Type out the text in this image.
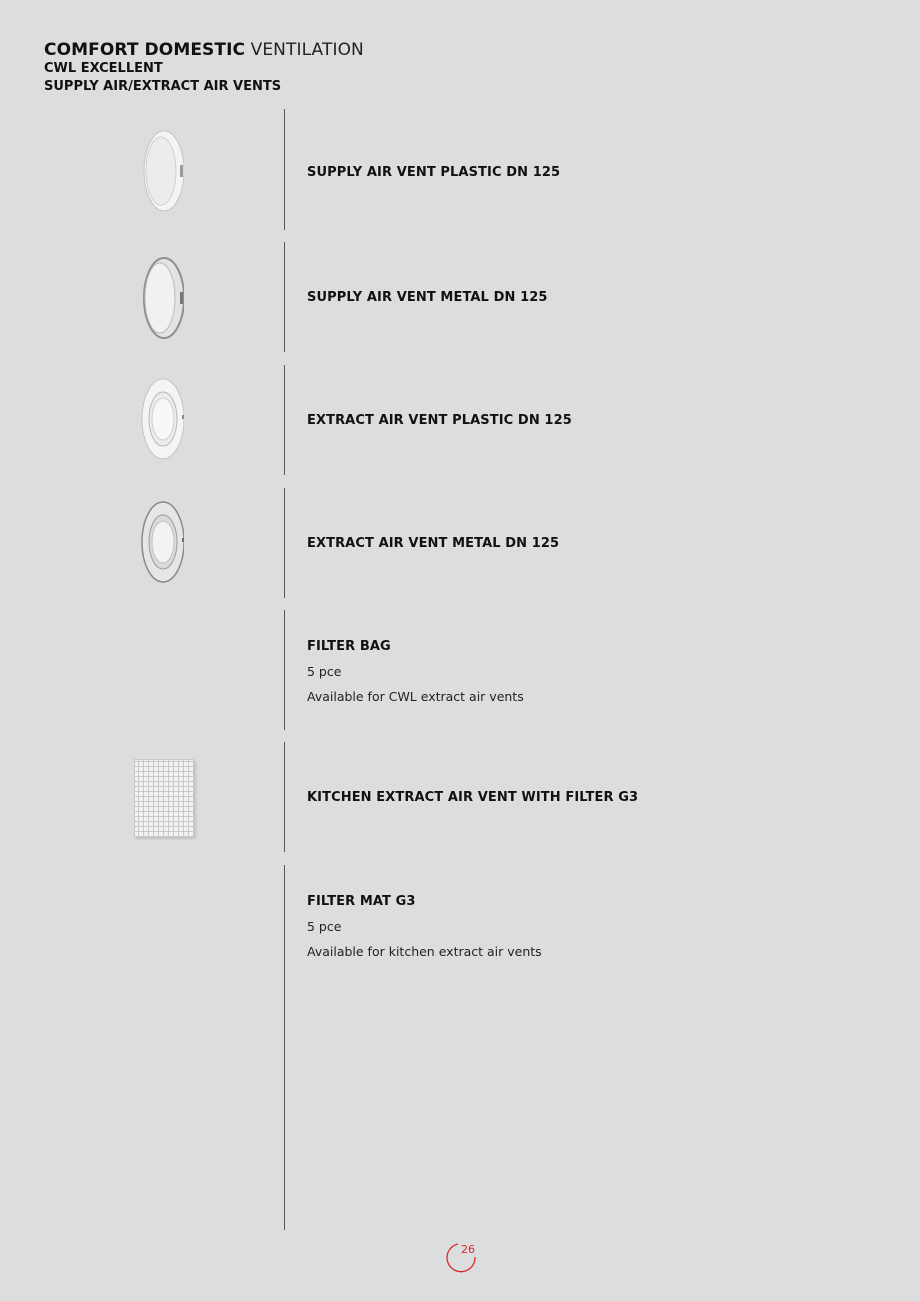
COMFORT DOMESTIC VENTILATION
CWL EXCELLENT
SUPPLY AIR/EXTRACT AIR VENTS
SUPPLY AIR VENT PLASTIC DN 125
SUPPLY AIR VENT METAL DN 125
EXTRACT AIR VENT PLASTIC DN 125
EXTRACT AIR VENT METAL DN 125
FILTER BAG
5 pce
Available for CWL extract air vents
KITCHEN EXTRACT AIR VENT WITH FILTER G3
FILTER MAT G3
5 pce
Available for kitchen extract air vents
26
